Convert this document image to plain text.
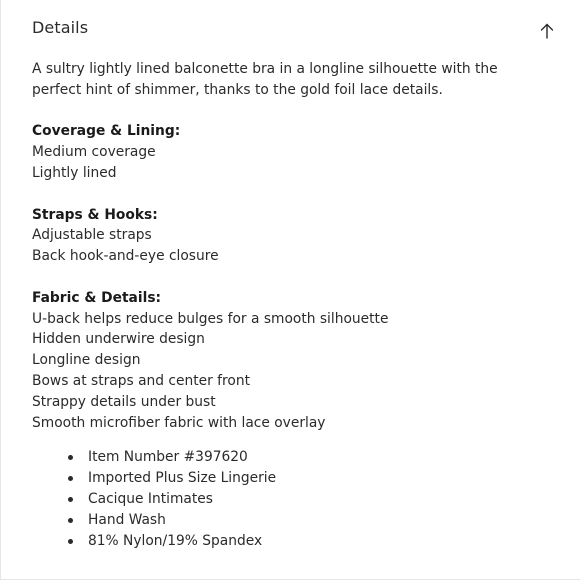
Details

A sultry lightly lined balconette bra in a longline silhouette with the
perfect hint of shimmer, thanks to the gold foil lace details.

Coverage & Lining:
Medium coverage
Lightly lined
Straps & Hooks:
Adjustable straps
Back hook-and-eye closure
Fabric & Details:
U-back helps reduce bulges for a smooth silhouette
Hidden underwire design
Longline design
Bows at straps and center front
Strappy details under bust
Smooth microfiber fabric with lace overlay
Item Number #397620
Imported Plus Size Lingerie
Cacique Intimates
Hand Wash
81% Nylon/19% Spandex
